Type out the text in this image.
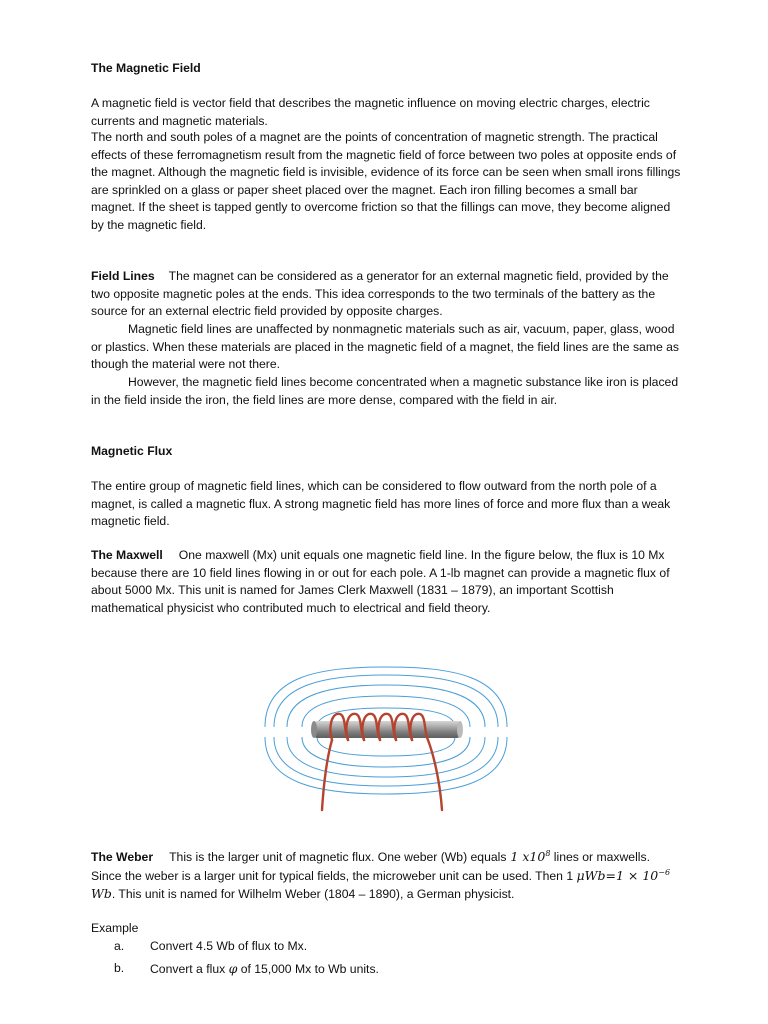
The Magnetic Field

A magnetic field is vector field that describes the magnetic influence on moving electric charges, electric currents and magnetic materials.

The north and south poles of a magnet are the points of concentration of magnetic strength. The practical effects of these ferromagnetism result from the magnetic field of force between two poles at opposite ends of the magnet. Although the magnetic field is invisible, evidence of its force can be seen when small irons fillings are sprinkled on a glass or paper sheet placed over the magnet. Each iron filling becomes a small bar magnet. If the sheet is tapped gently to overcome friction so that the fillings can move, they become aligned by the magnetic field.

Field Lines The magnet can be considered as a generator for an external magnetic field, provided by the two opposite magnetic poles at the ends. This idea corresponds to the two terminals of the battery as the source for an external electric field provided by opposite charges.

Magnetic field lines are unaffected by nonmagnetic materials such as air, vacuum, paper, glass, wood or plastics. When these materials are placed in the magnetic field of a magnet, the field lines are the same as though the material were not there.

However, the magnetic field lines become concentrated when a magnetic substance like iron is placed in the field inside the iron, the field lines are more dense, compared with the field in air.

Magnetic Flux

The entire group of magnetic field lines, which can be considered to flow outward from the north pole of a magnet, is called a magnetic flux. A strong magnetic field has more lines of force and more flux than a weak magnetic field.

The Maxwell One maxwell (Mx) unit equals one magnetic field line. In the figure below, the flux is 10 Mx because there are 10 field lines flowing in or out for each pole. A 1-lb magnet can provide a magnetic flux of about 5000 Mx. This unit is named for James Clerk Maxwell (1831 – 1879), an important Scottish mathematical physicist who contributed much to electrical and field theory.

The Weber This is the larger unit of magnetic flux. One weber (Wb) equals 1 $x10^8$ lines or maxwells. Since the weber is a larger unit for typical fields, the microweber unit can be used. Then 1 $\mu Wb=1 \times 10^{-6}$ Wb. This unit is named for Wilhelm Weber (1804 – 1890), a German physicist.

Example

a. Convert 4.5 Wb of flux to Mx.

b. Convert a flux φ of 15,000 Mx to Wb units.
